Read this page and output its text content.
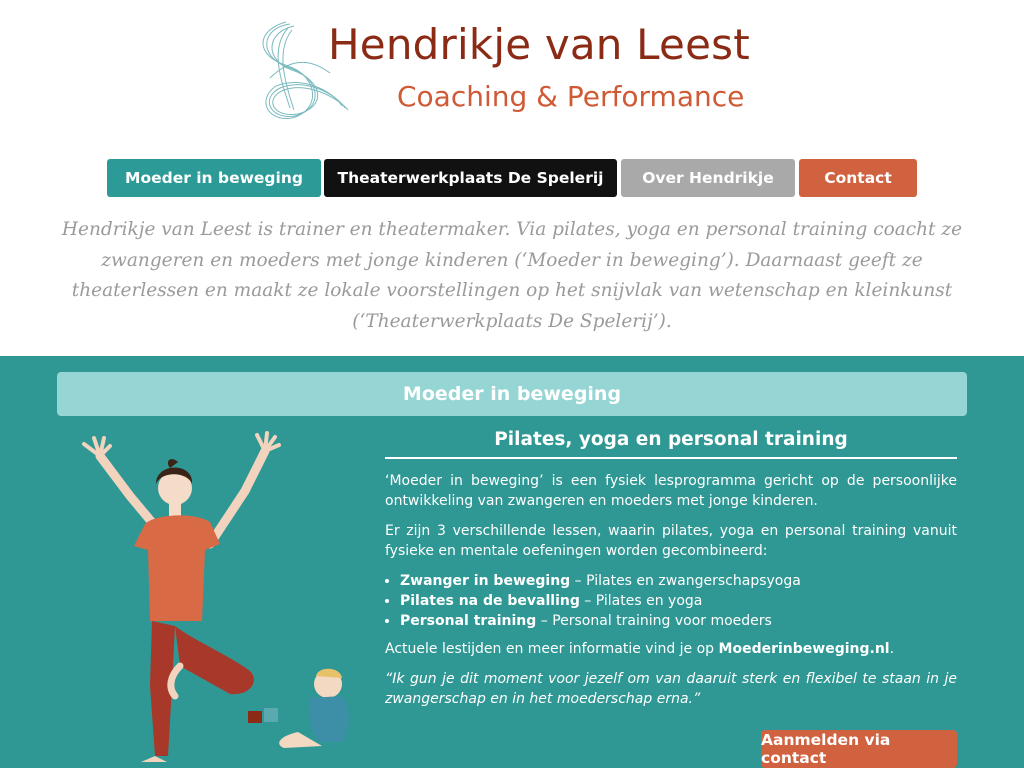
Hendrikje van Leest
Coaching & Performance
Moeder in beweging	Theaterwerkplaats De Spelerij	Over Hendrikje	Contact

Hendrikje van Leest is trainer en theatermaker. Via pilates, yoga en personal training coacht ze zwangeren en moeders met jonge kinderen (‘Moeder in beweging’). Daarnaast geeft ze theaterlessen en maakt ze lokale voorstellingen op het snijvlak van wetenschap en kleinkunst (‘Theaterwerkplaats De Spelerij’).

Moeder in beweging
Pilates, yoga en personal training

‘Moeder in beweging’ is een fysiek lesprogramma gericht op de persoonlijke ontwikkeling van zwangeren en moeders met jonge kinderen.

Er zijn 3 verschillende lessen, waarin pilates, yoga en personal training vanuit fysieke en mentale oefeningen worden gecombineerd:

• Zwanger in beweging – Pilates en zwangerschapsyoga
• Pilates na de bevalling – Pilates en yoga
• Personal training – Personal training voor moeders

Actuele lestijden en meer informatie vind je op Moederinbeweging.nl.

“Ik gun je dit moment voor jezelf om van daaruit sterk en flexibel te staan in je zwangerschap en in het moederschap erna.”

Aanmelden via contact
